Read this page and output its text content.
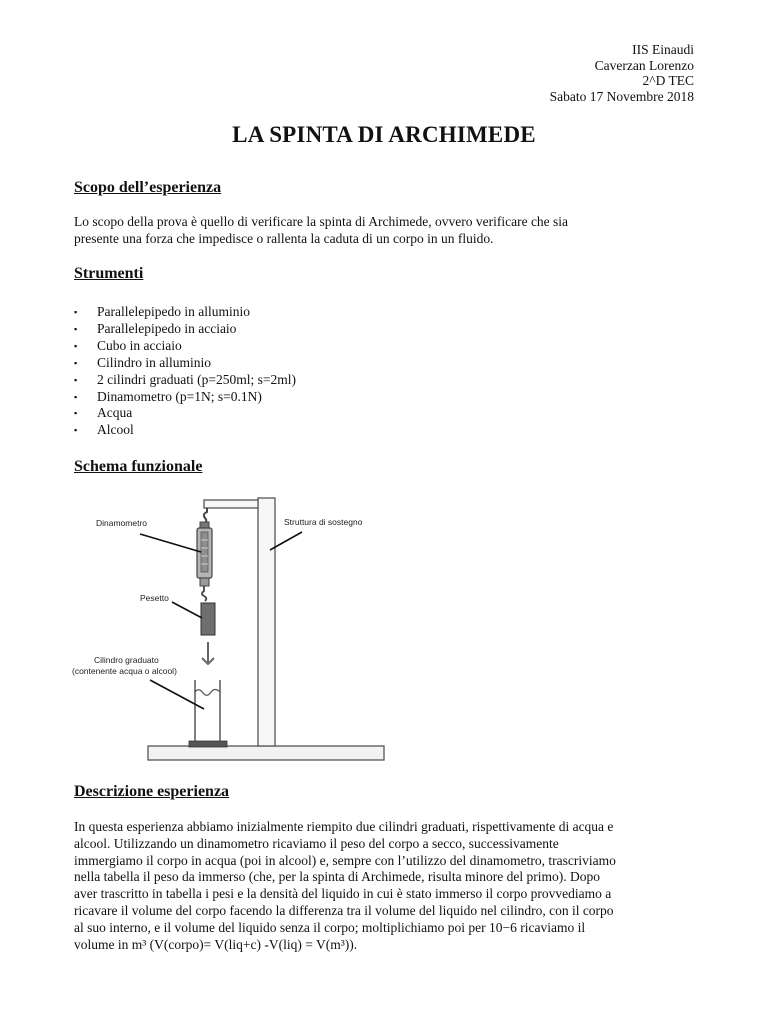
IIS Einaudi
Caverzan Lorenzo
2^D TEC
Sabato 17 Novembre 2018
LA SPINTA DI ARCHIMEDE
Scopo dell’esperienza
Lo scopo della prova è quello di verificare la spinta di Archimede, ovvero verificare che sia
presente una forza che impedisce o rallenta la caduta di un corpo in un fluido.
Strumenti
▪ Parallelepipedo in alluminio
▪ Parallelepipedo in acciaio
▪ Cubo in acciaio
▪ Cilindro in alluminio
▪ 2 cilindri graduati (p=250ml; s=2ml)
▪ Dinamometro (p=1N; s=0.1N)
▪ Acqua
▪ Alcool
Schema funzionale
Dinamometro	Struttura di sostegno
Pesetto
Cilindro graduato
(contenente acqua o alcool)
Descrizione esperienza
In questa esperienza abbiamo inizialmente riempito due cilindri graduati, rispettivamente di acqua e
alcool. Utilizzando un dinamometro ricaviamo il peso del corpo a secco, successivamente
immergiamo il corpo in acqua (poi in alcool) e, sempre con l’utilizzo del dinamometro, trascriviamo
nella tabella il peso da immerso (che, per la spinta di Archimede, risulta minore del primo). Dopo
aver trascritto in tabella i pesi e la densità del liquido in cui è stato immerso il corpo provvediamo a
ricavare il volume del corpo facendo la differenza tra il volume del liquido nel cilindro, con il corpo
al suo interno, e il volume del liquido senza il corpo; moltiplichiamo poi per 10−6 ricaviamo il
volume in m³ (V(corpo)= V(liq+c) -V(liq) = V(m³)).
